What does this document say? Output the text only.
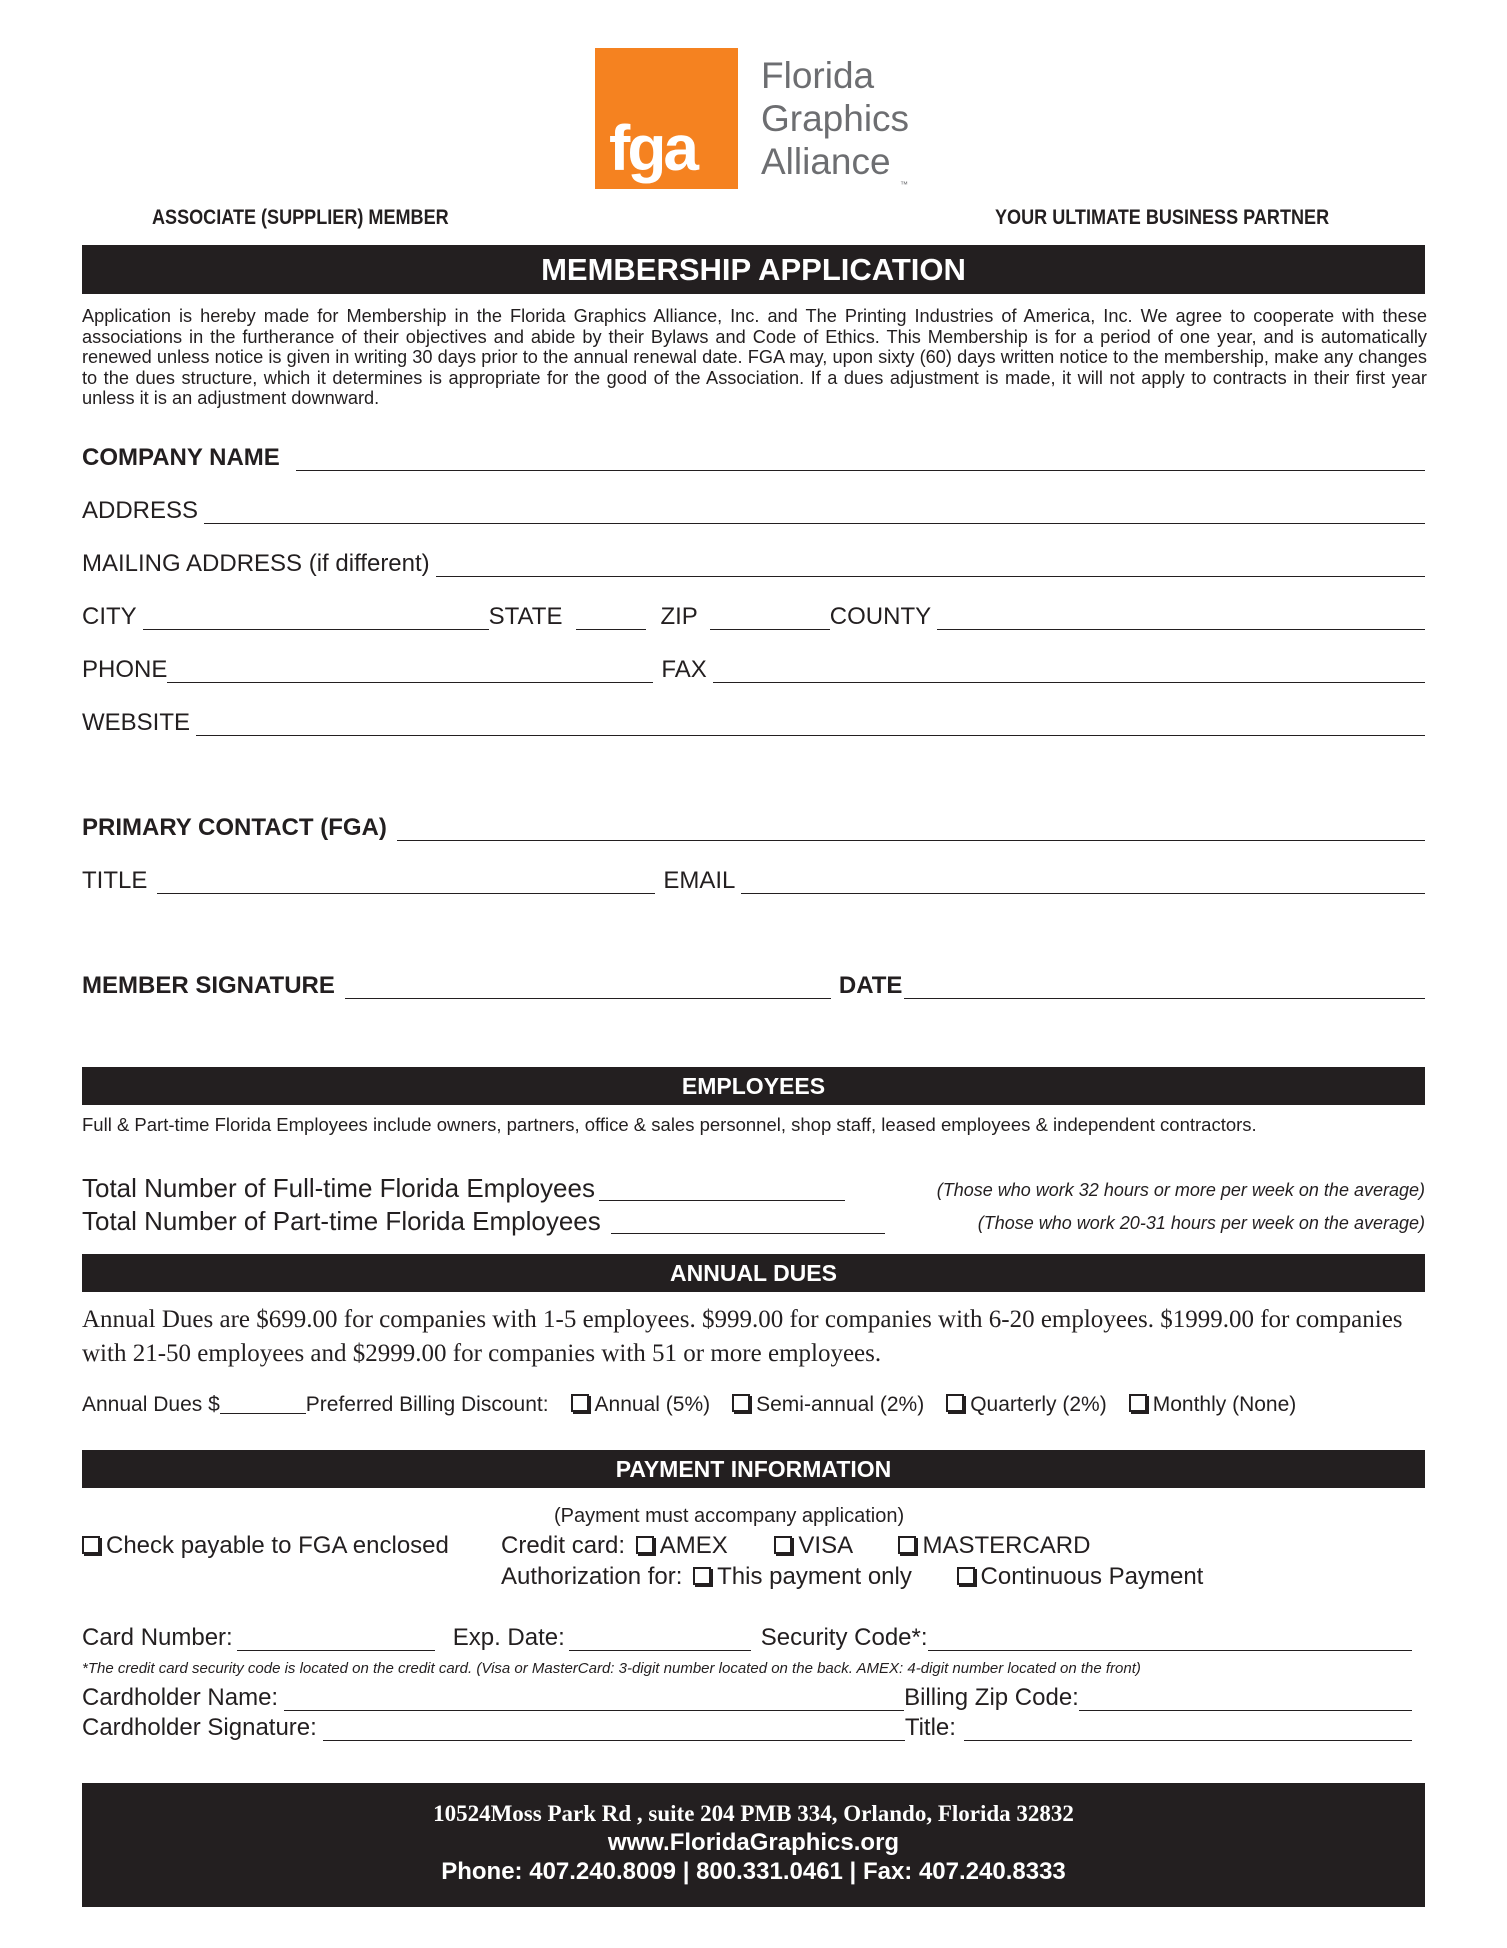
fga
Florida
Graphics
Alliance
™
ASSOCIATE (SUPPLIER) MEMBER	YOUR ULTIMATE BUSINESS PARTNER
MEMBERSHIP APPLICATION
Application is hereby made for Membership in the Florida Graphics Alliance, Inc. and The Printing Industries of America, Inc. We agree to cooperate with these associations in the furtherance of their objectives and abide by their Bylaws and Code of Ethics. This Membership is for a period of one year, and is automatically renewed unless notice is given in writing 30 days prior to the annual renewal date. FGA may, upon sixty (60) days written notice to the membership, make any changes to the dues structure, which it determines is appropriate for the good of the Association. If a dues adjustment is made, it will not apply to contracts in their first year unless it is an adjustment downward.
COMPANY NAME
ADDRESS
MAILING ADDRESS (if different)
CITY	STATE	ZIP	COUNTY
PHONE	FAX
WEBSITE
PRIMARY CONTACT (FGA)
TITLE	EMAIL
MEMBER SIGNATURE	DATE
EMPLOYEES
Full & Part-time Florida Employees include owners, partners, office & sales personnel, shop staff, leased employees & independent contractors.
Total Number of Full-time Florida Employees	(Those who work 32 hours or more per week on the average)
Total Number of Part-time Florida Employees	(Those who work 20-31 hours per week on the average)
ANNUAL DUES
Annual Dues are $699.00 for companies with 1-5 employees. $999.00 for companies with 6-20 employees. $1999.00 for companies with 21-50 employees and $2999.00 for companies with 51 or more employees.
Annual Dues $	Preferred Billing Discount:	Annual (5%)	Semi-annual (2%)	Quarterly (2%)	Monthly (None)
PAYMENT INFORMATION
(Payment must accompany application)
Check payable to FGA enclosed Credit card: AMEX	VISA	MASTERCARD
Authorization for: This payment only	Continuous Payment
Card Number:	Exp. Date:	Security Code*:
*The credit card security code is located on the credit card. (Visa or MasterCard: 3-digit number located on the back. AMEX: 4-digit number located on the front)
Cardholder Name:	Billing Zip Code:
Cardholder Signature:	Title:
10524Moss Park Rd , suite 204 PMB 334, Orlando, Florida 32832
www.FloridaGraphics.org
Phone: 407.240.8009 | 800.331.0461 | Fax: 407.240.8333
